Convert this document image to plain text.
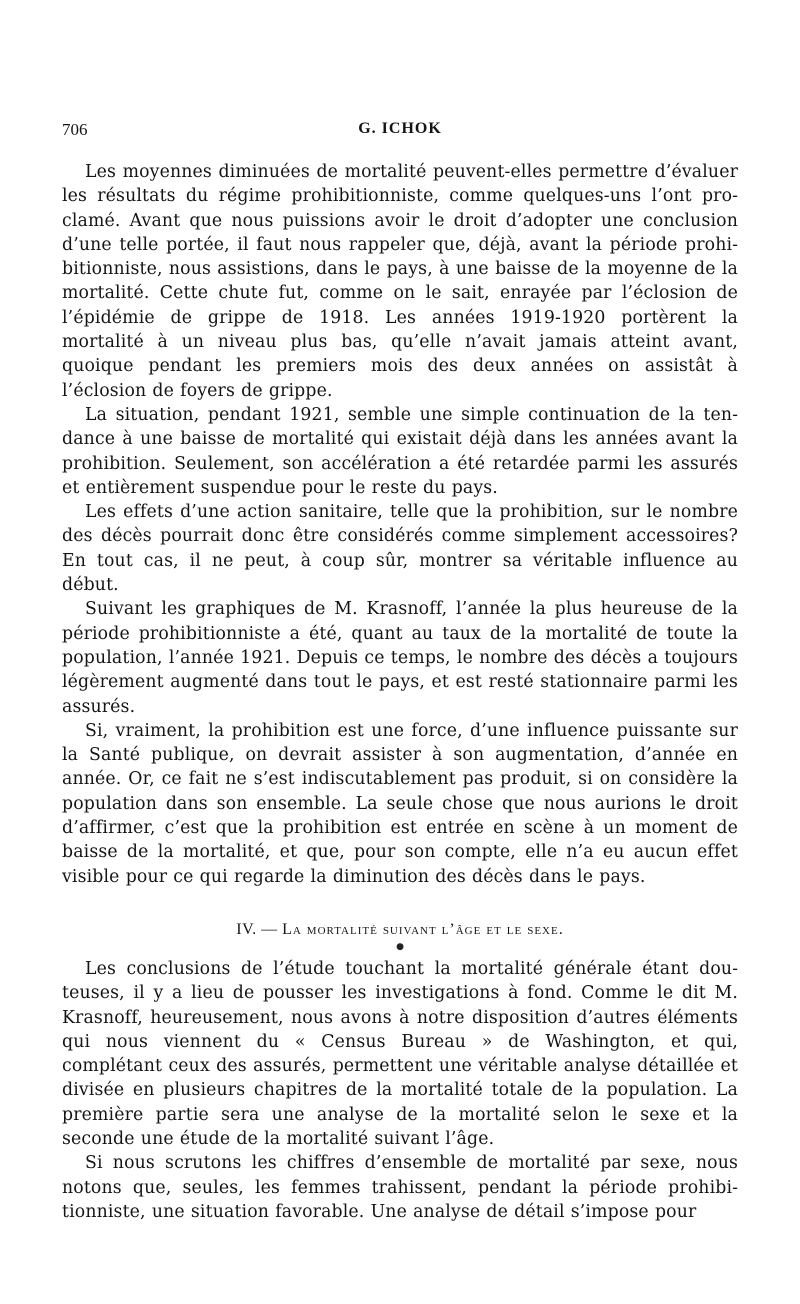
706	G. ICHOK

Les moyennes diminuées de mortalité peuvent-elles permettre d’évaluer les résultats du régime prohibitionniste, comme quelques-uns l’ont proclamé. Avant que nous puissions avoir le droit d’adopter une conclusion d’une telle portée, il faut nous rappeler que, déjà, avant la période prohibitionniste, nous assistions, dans le pays, à une baisse de la moyenne de la mortalité. Cette chute fut, comme on le sait, enrayée par l’éclosion de l’épidémie de grippe de 1918. Les années 1919-1920 portèrent la mortalité à un niveau plus bas, qu’elle n’avait jamais atteint avant, quoique pendant les premiers mois des deux années on assistât à l’éclosion de foyers de grippe.

La situation, pendant 1921, semble une simple continuation de la tendance à une baisse de mortalité qui existait déjà dans les années avant la prohibition. Seulement, son accélération a été retardée parmi les assurés et entièrement suspendue pour le reste du pays.

Les effets d’une action sanitaire, telle que la prohibition, sur le nombre des décès pourrait donc être considérés comme simplement accessoires? En tout cas, il ne peut, à coup sûr, montrer sa véritable influence au début.

Suivant les graphiques de M. Krasnoff, l’année la plus heureuse de la période prohibitionniste a été, quant au taux de la mortalité de toute la population, l’année 1921. Depuis ce temps, le nombre des décès a toujours légèrement augmenté dans tout le pays, et est resté stationnaire parmi les assurés.

Si, vraiment, la prohibition est une force, d’une influence puissante sur la Santé publique, on devrait assister à son augmentation, d’année en année. Or, ce fait ne s’est indiscutablement pas produit, si on considère la population dans son ensemble. La seule chose que nous aurions le droit d’affirmer, c’est que la prohibition est entrée en scène à un moment de baisse de la mortalité, et que, pour son compte, elle n’a eu aucun effet visible pour ce qui regarde la diminution des décès dans le pays.

IV. — La mortalité suivant l’âge et le sexe.
●

Les conclusions de l’étude touchant la mortalité générale étant douteuses, il y a lieu de pousser les investigations à fond. Comme le dit M. Krasnoff, heureusement, nous avons à notre disposition d’autres éléments qui nous viennent du « Census Bureau » de Washington, et qui, complétant ceux des assurés, permettent une véritable analyse détaillée et divisée en plusieurs chapitres de la mortalité totale de la population. La première partie sera une analyse de la mortalité selon le sexe et la seconde une étude de la mortalité suivant l’âge.

Si nous scrutons les chiffres d’ensemble de mortalité par sexe, nous notons que, seules, les femmes trahissent, pendant la période prohibitionniste, une situation favorable. Une analyse de détail s’impose pour
